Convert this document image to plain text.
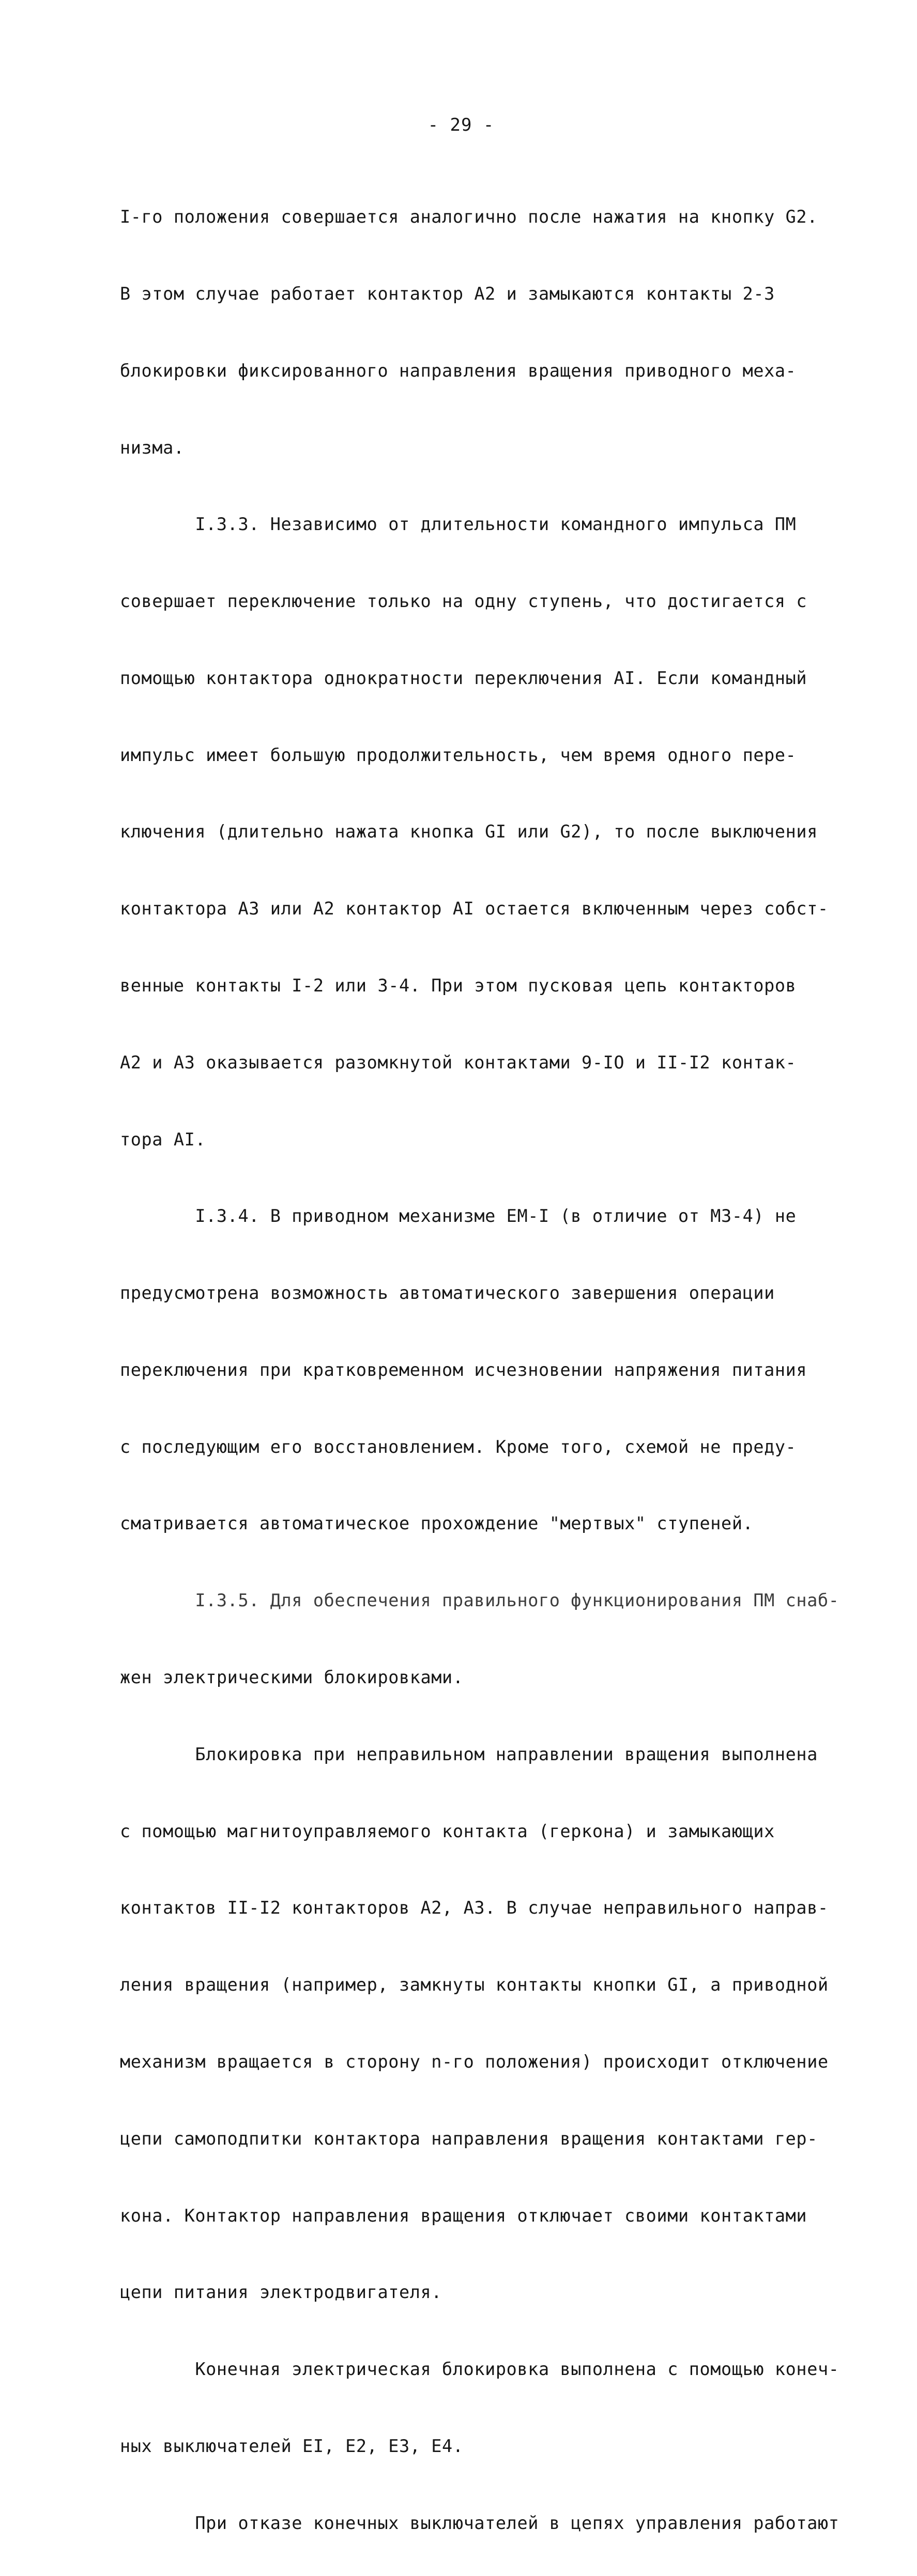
- 29 -

I-го положения совершается аналогично после нажатия на кнопку G2.

В этом случае работает контактор А2 и замыкаются контакты 2-3

блокировки фиксированного направления вращения приводного меха-

низма.

I.3.3. Независимо от длительности командного импульса ПМ

совершает переключение только на одну ступень, что достигается с

помощью контактора однократности переключения АI. Если командный

импульс имеет большую продолжительность, чем время одного пере-

ключения (длительно нажата кнопка GI или G2), то после выключения

контактора А3 или А2 контактор АI остается включенным через собст-

венные контакты I-2 или 3-4. При этом пусковая цепь контакторов

А2 и А3 оказывается разомкнутой контактами 9-IО и II-I2 контак-

тора АI.

I.3.4. В приводном механизме ЕМ-I (в отличие от МЗ-4) не

предусмотрена возможность автоматического завершения операции

переключения при кратковременном исчезновении напряжения питания

с последующим его восстановлением. Кроме того, схемой не преду-

сматривается автоматическое прохождение "мертвых" ступеней.

I.3.5. Для обеспечения правильного функционирования ПМ снаб-

жен электрическими блокировками.

Блокировка при неправильном направлении вращения выполнена

с помощью магнитоуправляемого контакта (геркона) и замыкающих

контактов II-I2 контакторов А2, А3. В случае неправильного направ-

ления вращения (например, замкнуты контакты кнопки GI, а приводной

механизм вращается в сторону n-го положения) происходит отключение

цепи самоподпитки контактора направления вращения контактами гер-

кона. Контактор направления вращения отключает своими контактами

цепи питания электродвигателя.

Конечная электрическая блокировка выполнена с помощью конеч-

ных выключателей ЕI, Е2, Е3, Е4.

При отказе конечных выключателей в цепях управления работают
